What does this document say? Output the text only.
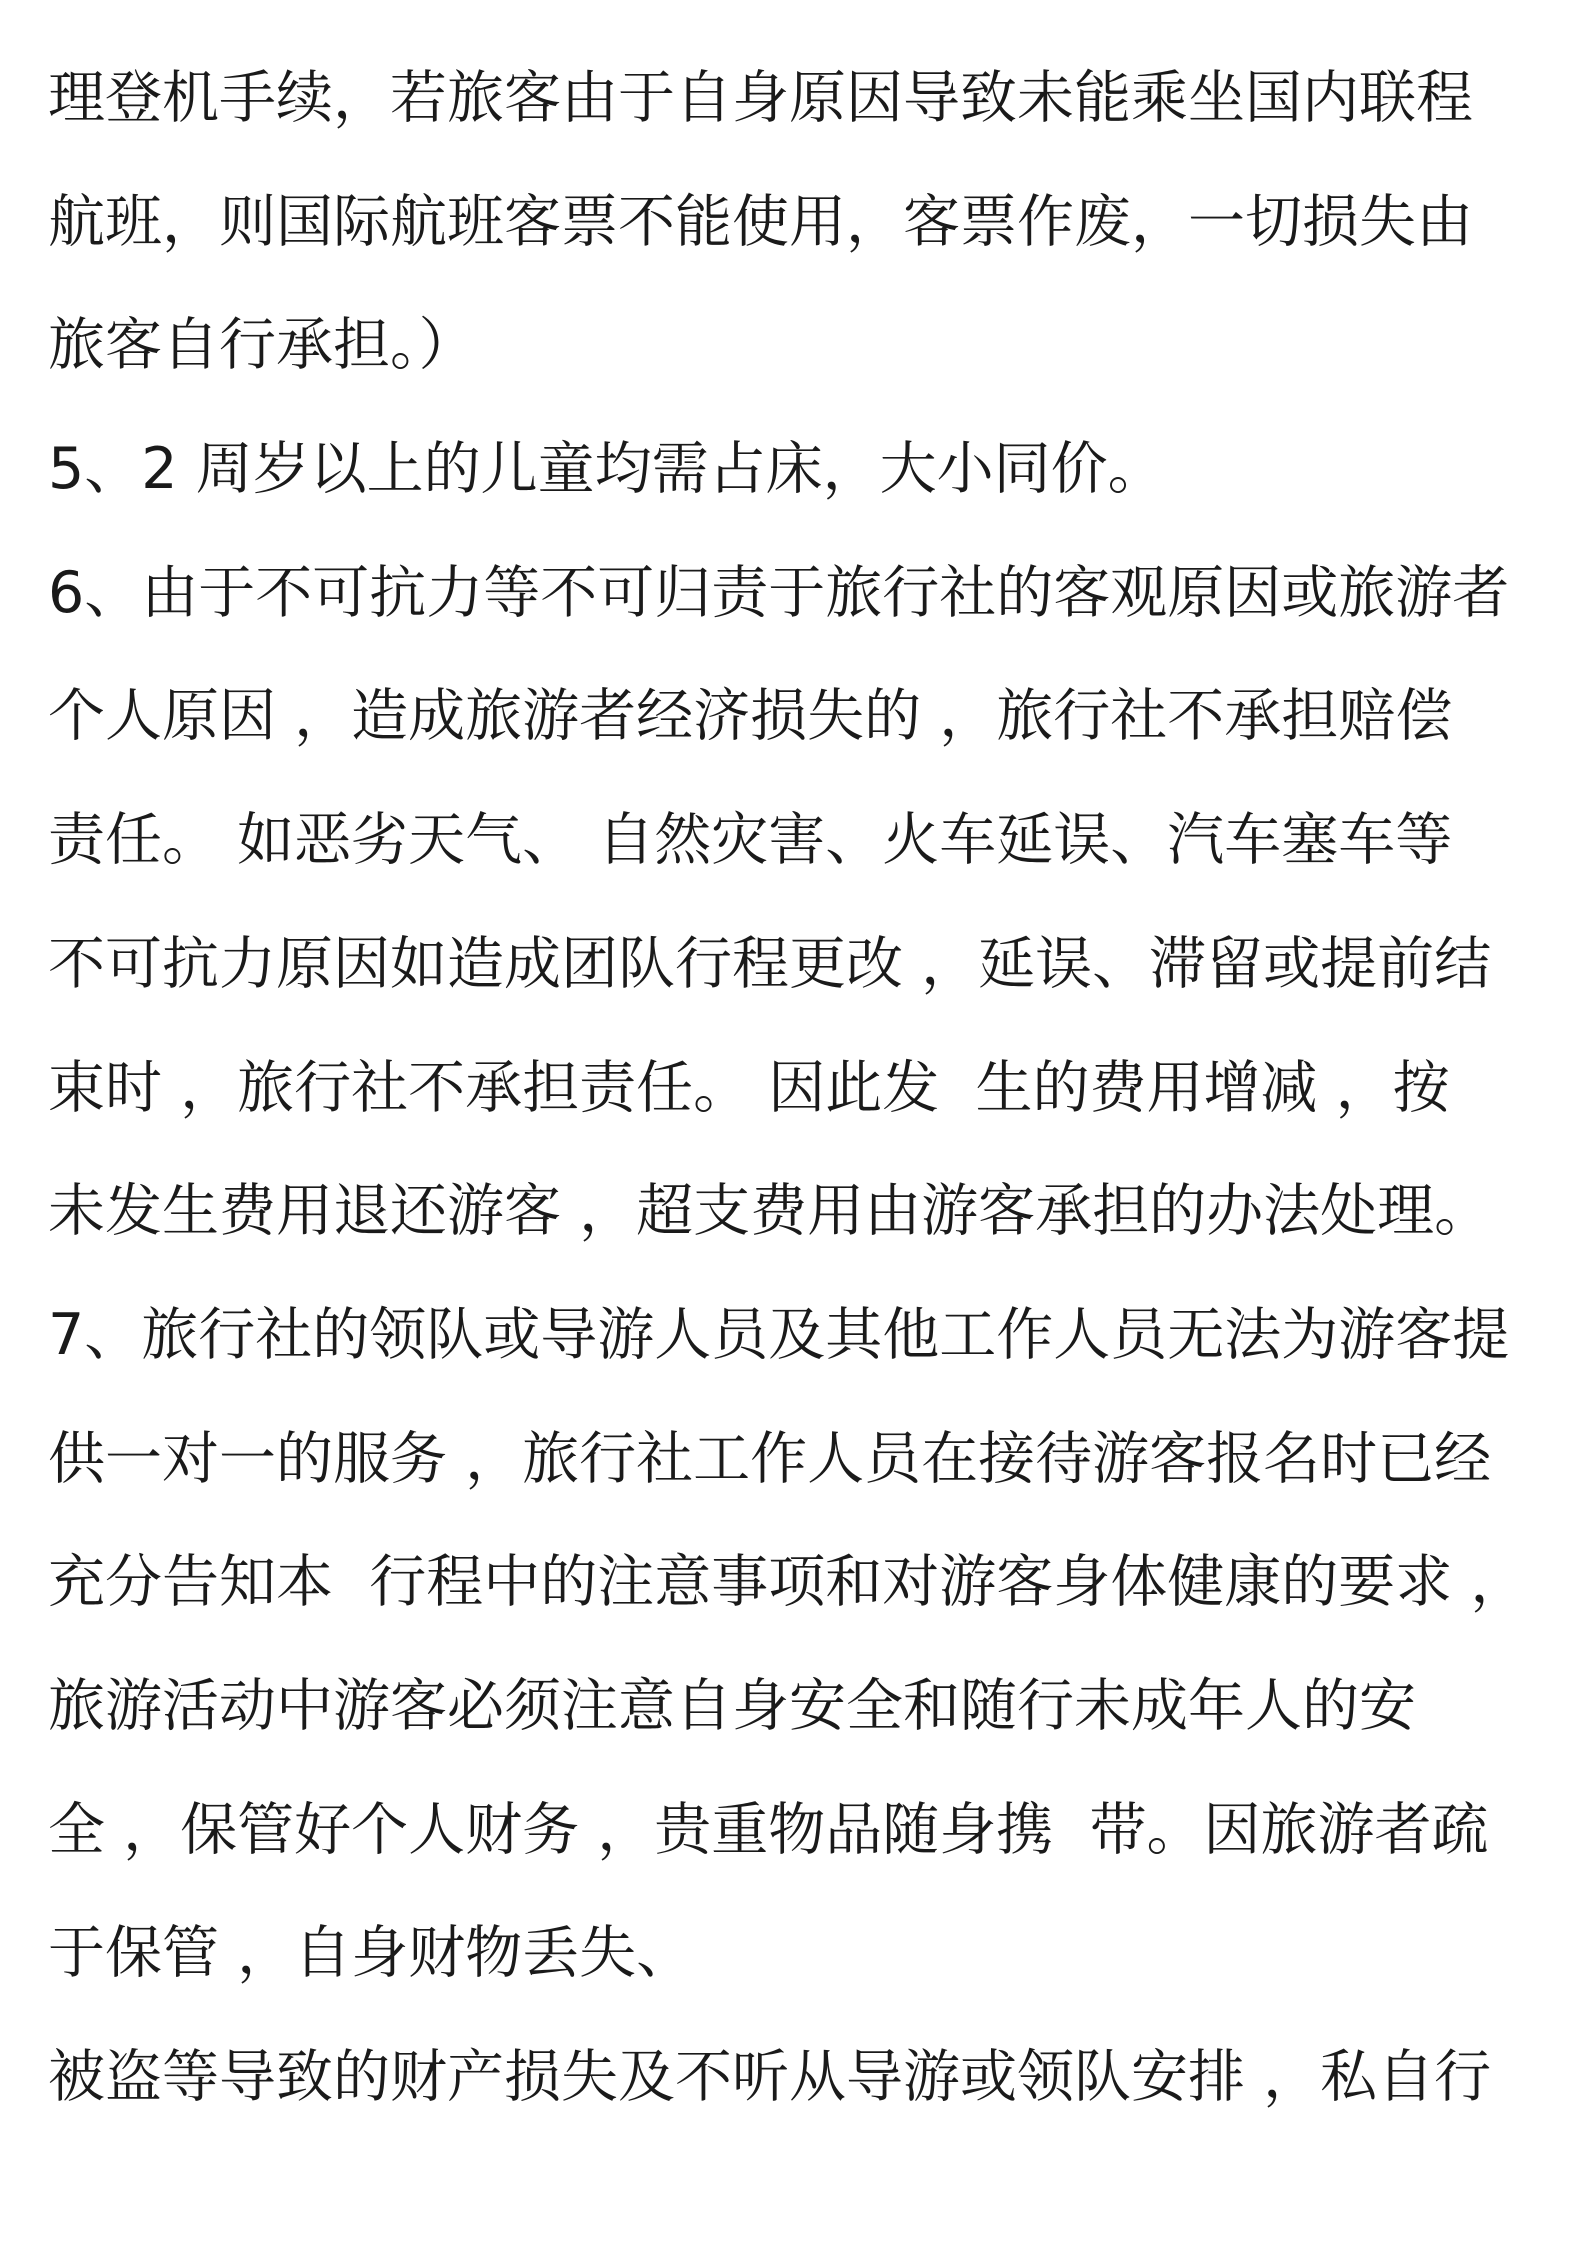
理登机手续，若旅客由于自身原因导致未能乘坐国内联程
航班，则国际航班客票不能使用，客票作废，一切损失由
旅客自行承担。）
5、2 周岁以上的儿童均需占床，大小同价。
6、由于不可抗力等不可归责于旅行社的客观原因或旅游者
个人原因 ，造成旅游者经济损失的 ，旅行社不承担赔偿
责任。 如恶劣天气、 自然灾害、火车延误、汽车塞车等
不可抗力原因如造成团队行程更改 ，延误、滞留或提前结
束时 ，旅行社不承担责任。 因此发  生的费用增减 ，按
未发生费用退还游客 ，超支费用由游客承担的办法处理。
7、旅行社的领队或导游人员及其他工作人员无法为游客提
供一对一的服务 ，旅行社工作人员在接待游客报名时已经
充分告知本  行程中的注意事项和对游客身体健康的要求 ，
旅游活动中游客必须注意自身安全和随行未成年人的安
全 ，保管好个人财务 ，贵重物品随身携  带。因旅游者疏
于保管 ，自身财物丢失、
被盗等导致的财产损失及不听从导游或领队安排 ，私自行
